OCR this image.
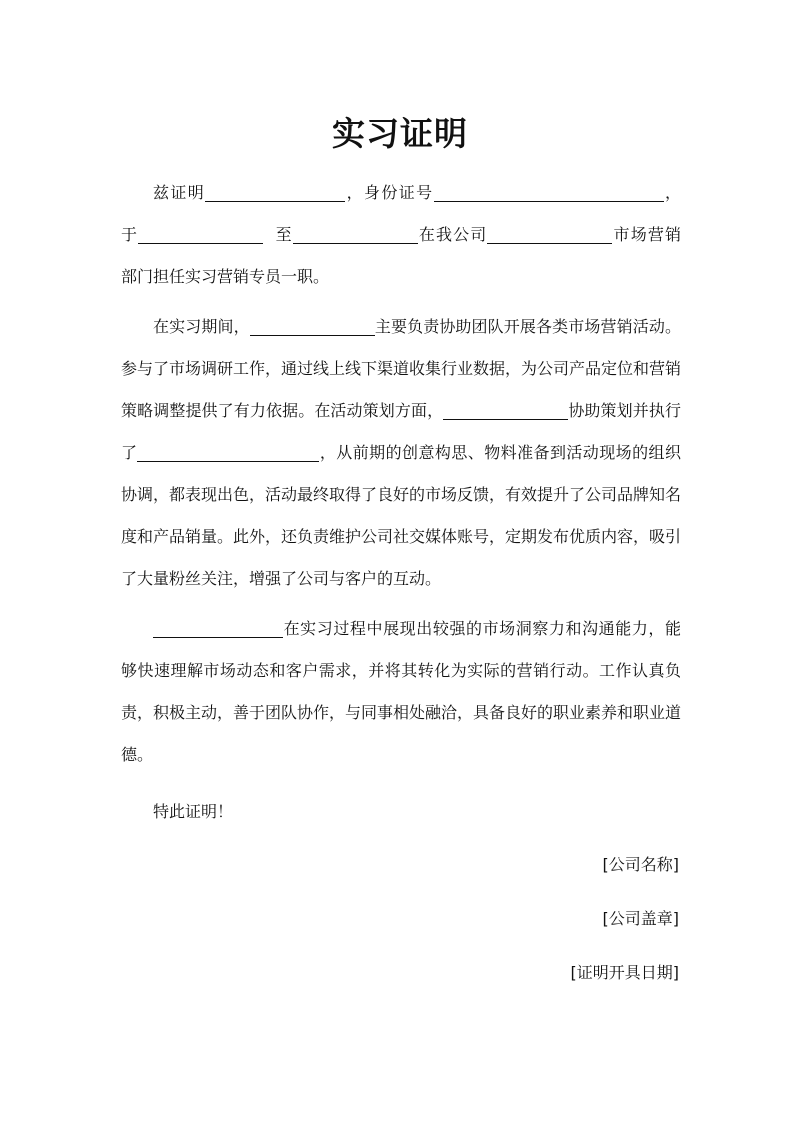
实习证明

兹证明	，身份证号	，于	至	在我公司	市场营销部门担任实习营销专员一职。

在实习期间，	主要负责协助团队开展各类市场营销活动。参与了市场调研工作，通过线上线下渠道收集行业数据，为公司产品定位和营销策略调整提供了有力依据。在活动策划方面，	协助策划并执行了	，从前期的创意构思、物料准备到活动现场的组织协调，都表现出色，活动最终取得了良好的市场反馈，有效提升了公司品牌知名度和产品销量。此外，还负责维护公司社交媒体账号，定期发布优质内容，吸引了大量粉丝关注，增强了公司与客户的互动。

在实习过程中展现出较强的市场洞察力和沟通能力，能够快速理解市场动态和客户需求，并将其转化为实际的营销行动。工作认真负责，积极主动，善于团队协作，与同事相处融洽，具备良好的职业素养和职业道德。

特此证明！
[公司名称]
[公司盖章]
[证明开具日期]
